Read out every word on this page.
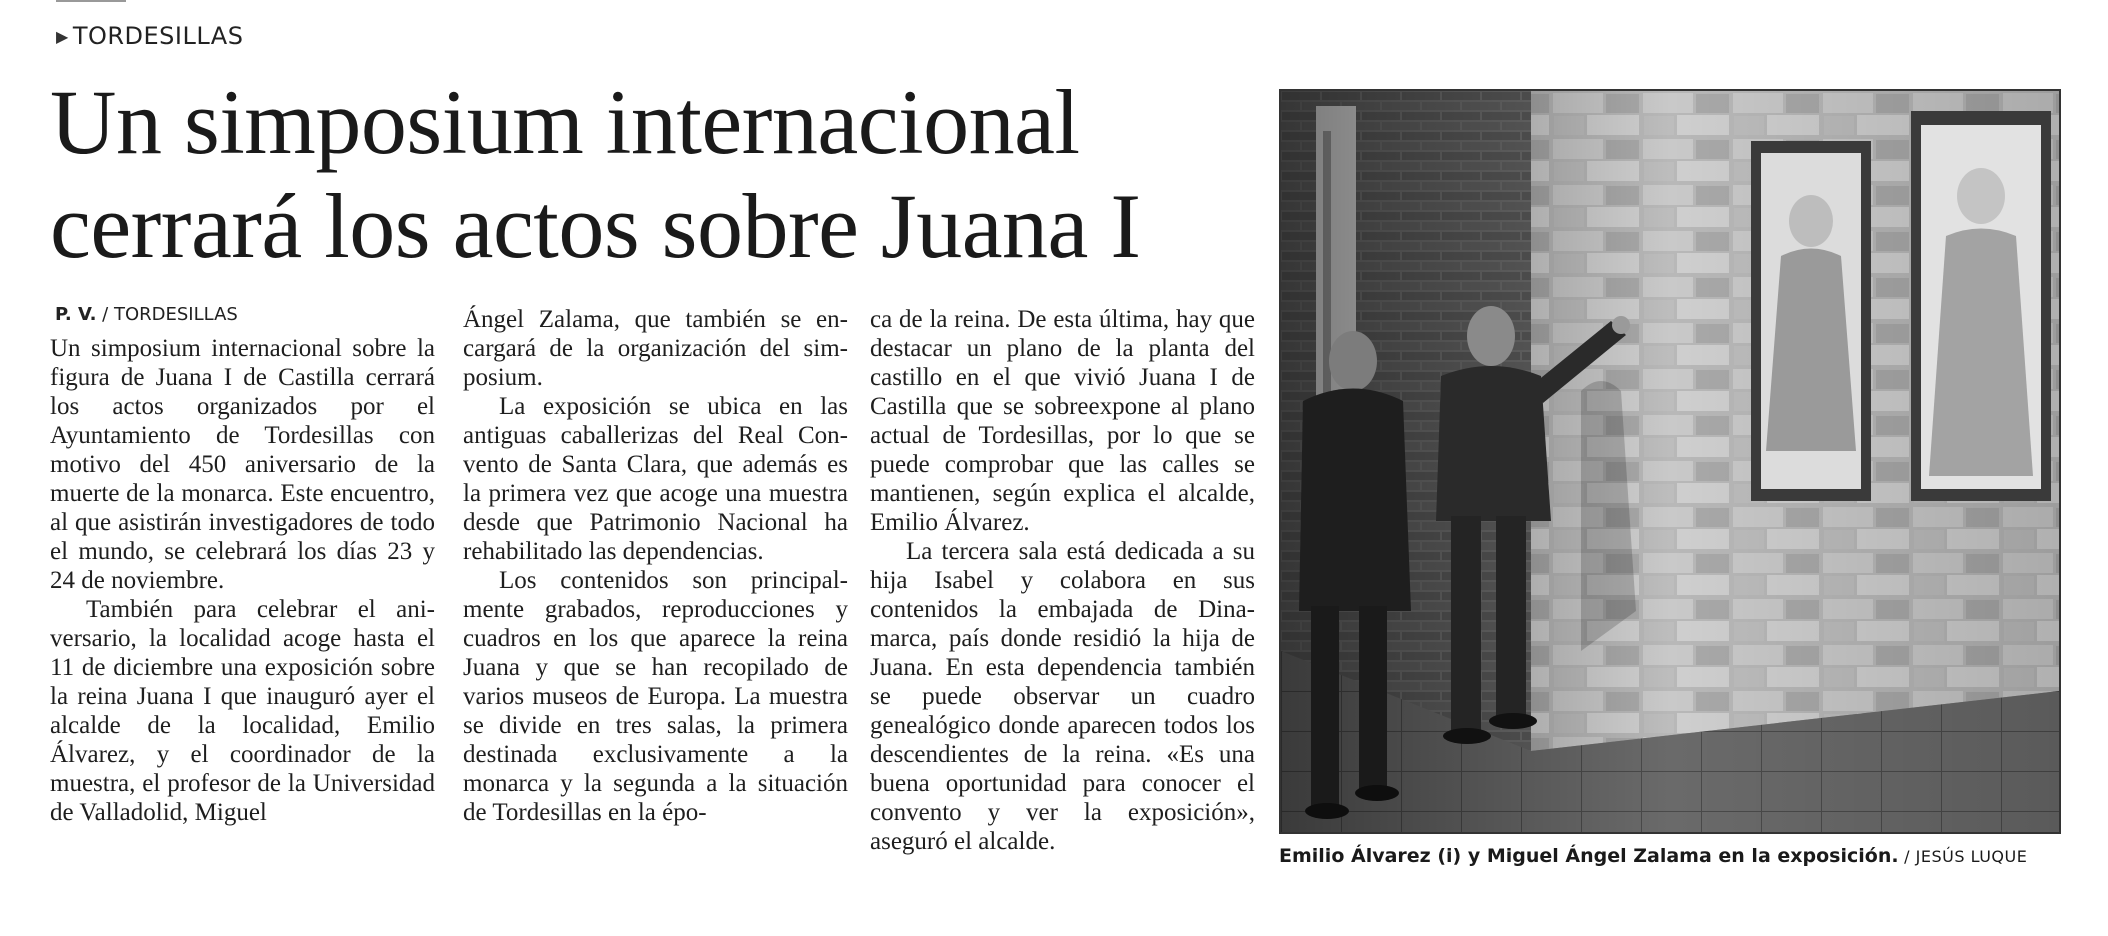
▶ TORDESILLAS
Un simposium internacional
cerrará los actos sobre Juana I
P. V. / TORDESILLAS

Un simposium internacional sobre la figura de Juana I de Castilla cerrará los actos organizados por el Ayuntamiento de Tordesillas con motivo del 450 aniversario de la muerte de la monarca. Este encuentro, al que asistirán investigadores de todo el mundo, se celebrará los días 23 y 24 de noviembre.

También para celebrar el aniversario, la localidad acoge hasta el 11 de diciembre una exposición sobre la reina Juana I que inauguró ayer el alcalde de la localidad, Emilio Álvarez, y el coordinador de la muestra, el profesor de la Universidad de Valladolid, Miguel

Ángel Zalama, que también se encargará de la organización del simposium.

La exposición se ubica en las antiguas caballerizas del Real Convento de Santa Clara, que además es la primera vez que acoge una muestra desde que Patrimonio Nacional ha rehabilitado las dependencias.

Los contenidos son principalmente grabados, reproducciones y cuadros en los que aparece la reina Juana y que se han recopilado de varios museos de Europa. La muestra se divide en tres salas, la primera destinada exclusivamente a la monarca y la segunda a la situación de Tordesillas en la épo-

ca de la reina. De esta última, hay que destacar un plano de la planta del castillo en el que vivió Juana I de Castilla que se sobreexpone al plano actual de Tordesillas, por lo que se puede comprobar que las calles se mantienen, según explica el alcalde, Emilio Álvarez.

La tercera sala está dedicada a su hija Isabel y colabora en sus contenidos la embajada de Dinamarca, país donde residió la hija de Juana. En esta dependencia también se puede observar un cuadro genealógico donde aparecen todos los descendientes de la reina. «Es una buena oportunidad para conocer el convento y ver la exposición», aseguró el alcalde.

Emilio Álvarez (i) y Miguel Ángel Zalama en la exposición. / JESÚS LUQUE
